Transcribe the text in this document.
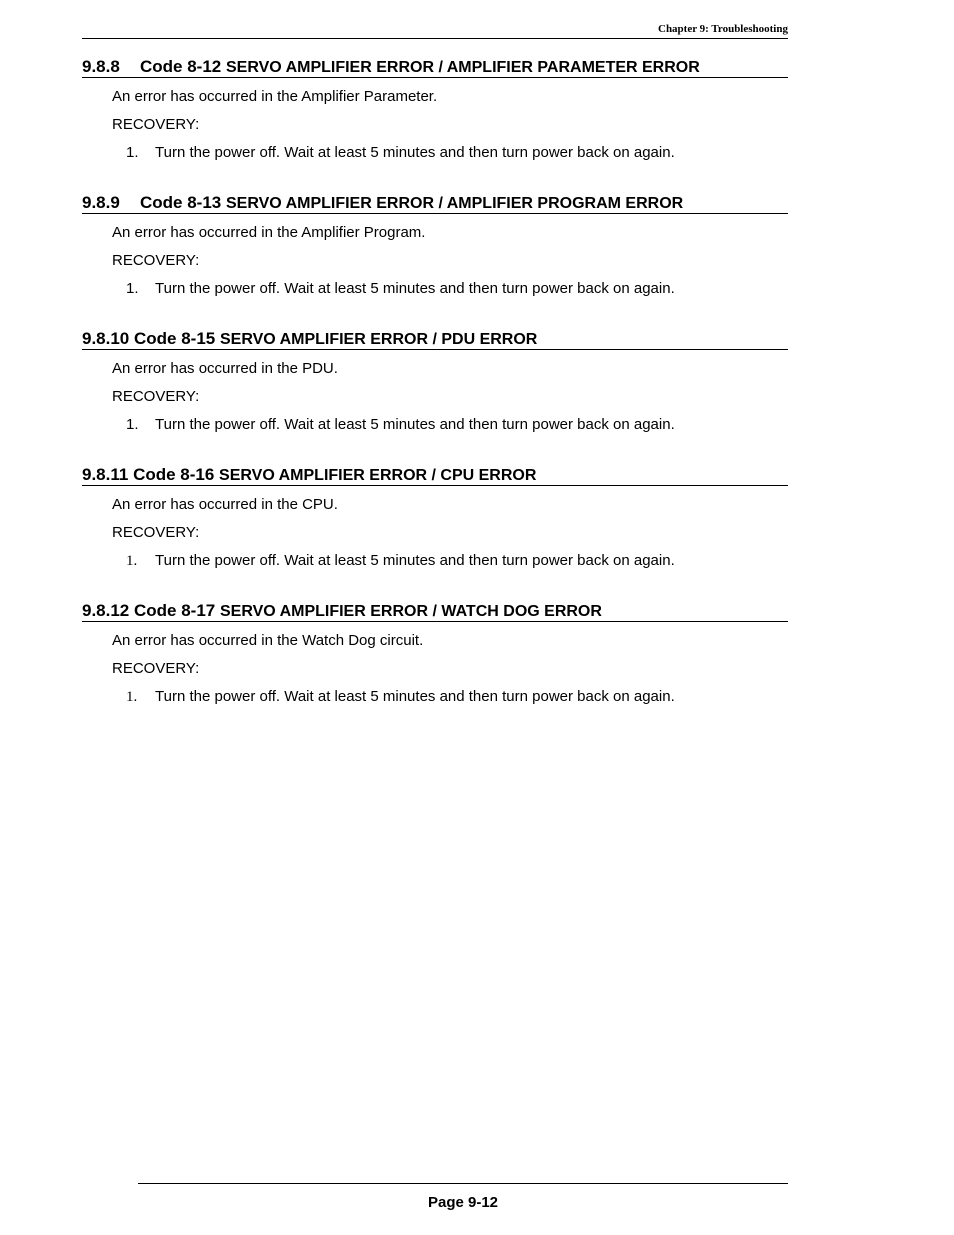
Chapter 9: Troubleshooting
9.8.8 Code 8-12 SERVO AMPLIFIER ERROR / AMPLIFIER PARAMETER ERROR

An error has occurred in the Amplifier Parameter.

RECOVERY:

1. Turn the power off. Wait at least 5 minutes and then turn power back on again.
9.8.9 Code 8-13 SERVO AMPLIFIER ERROR / AMPLIFIER PROGRAM ERROR

An error has occurred in the Amplifier Program.

RECOVERY:

1. Turn the power off. Wait at least 5 minutes and then turn power back on again.
9.8.10 Code 8-15 SERVO AMPLIFIER ERROR / PDU ERROR

An error has occurred in the PDU.

RECOVERY:

1. Turn the power off. Wait at least 5 minutes and then turn power back on again.
9.8.11 Code 8-16 SERVO AMPLIFIER ERROR / CPU ERROR

An error has occurred in the CPU.

RECOVERY:

1. Turn the power off. Wait at least 5 minutes and then turn power back on again.
9.8.12 Code 8-17 SERVO AMPLIFIER ERROR / WATCH DOG ERROR

An error has occurred in the Watch Dog circuit.

RECOVERY:

1. Turn the power off. Wait at least 5 minutes and then turn power back on again.
Page 9-12
